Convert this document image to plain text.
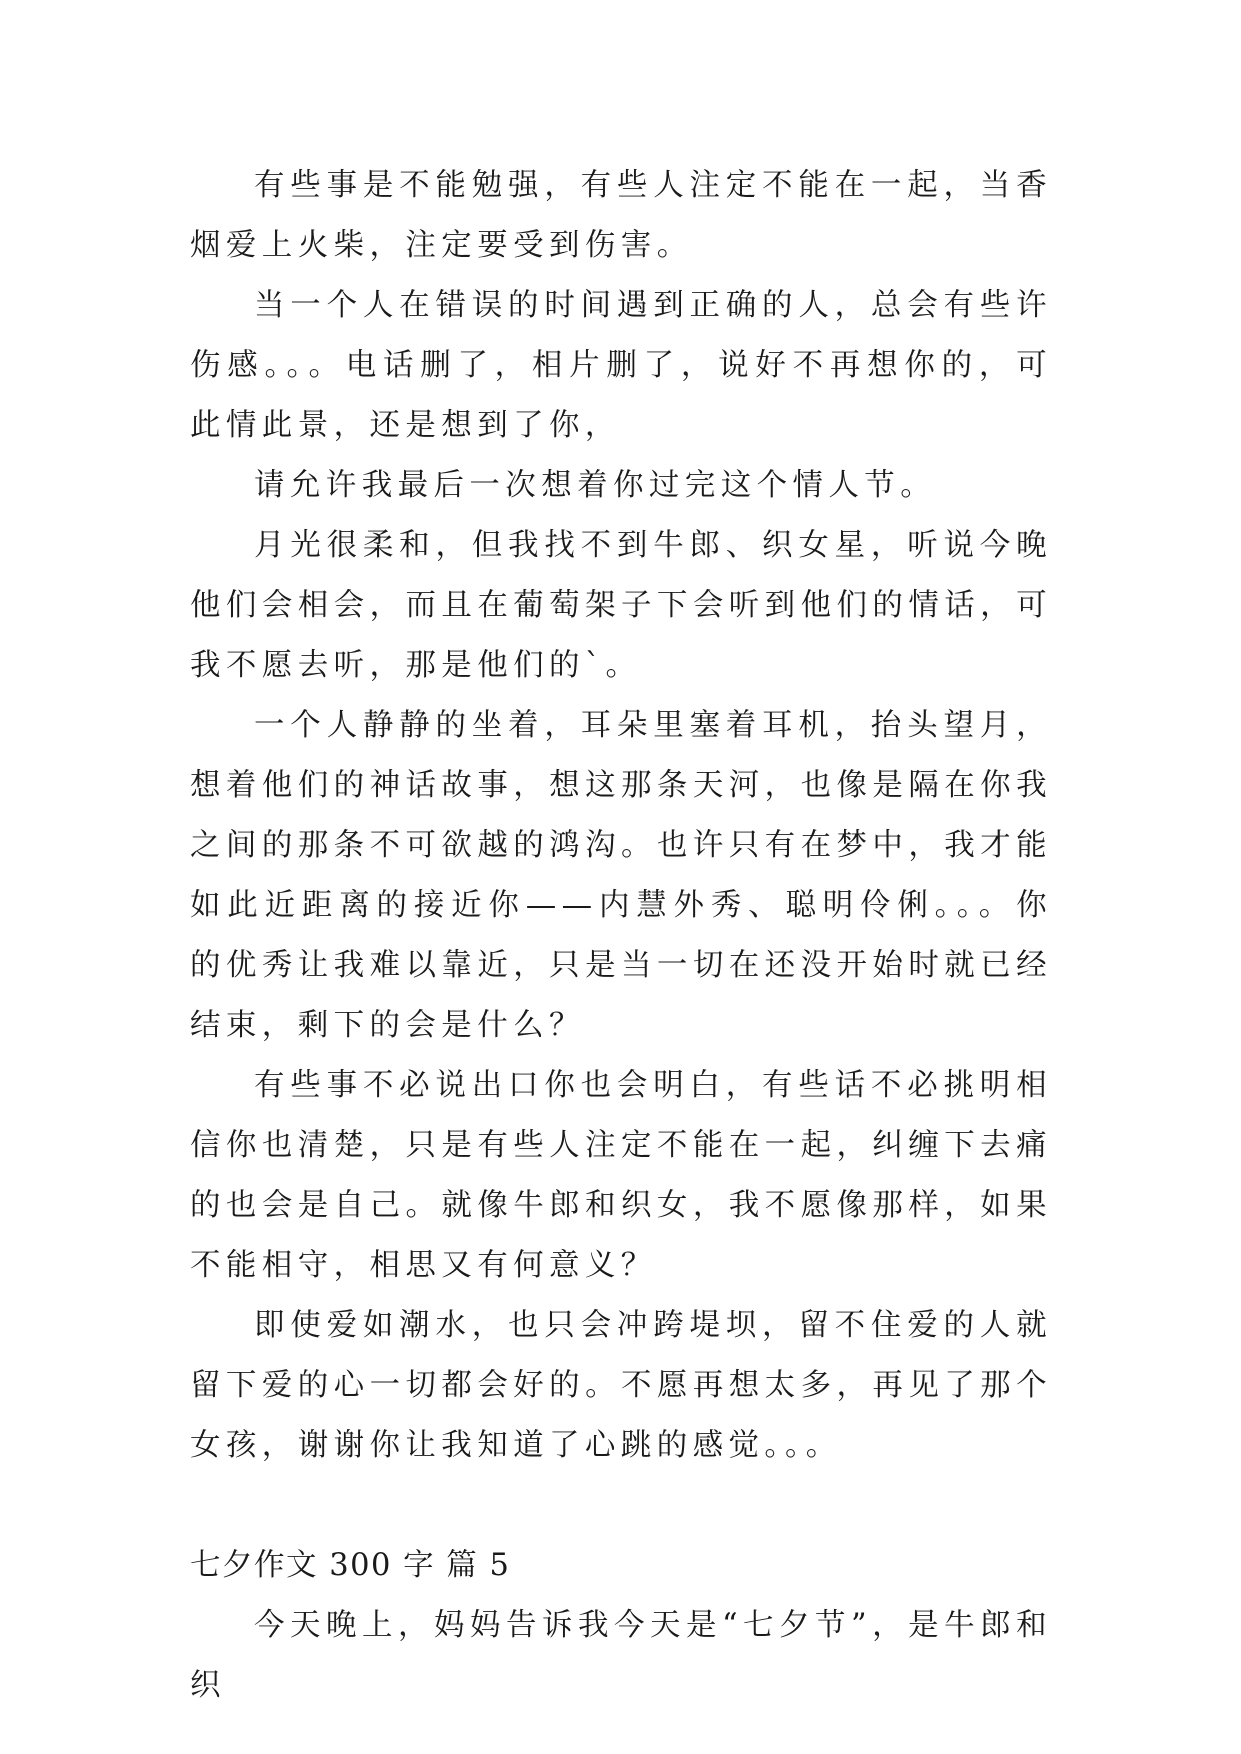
有些事是不能勉强，有些人注定不能在一起，当香烟爱上火柴，注定要受到伤害。

当一个人在错误的时间遇到正确的人，总会有些许伤感。。。电话删了，相片删了，说好不再想你的，可此情此景，还是想到了你，

请允许我最后一次想着你过完这个情人节。

月光很柔和，但我找不到牛郎、织女星，听说今晚他们会相会，而且在葡萄架子下会听到他们的情话，可我不愿去听，那是他们的`。

一个人静静的坐着，耳朵里塞着耳机，抬头望月，想着他们的神话故事，想这那条天河，也像是隔在你我之间的那条不可欲越的鸿沟。也许只有在梦中，我才能如此近距离的接近你——内慧外秀、聪明伶俐。。。你的优秀让我难以靠近，只是当一切在还没开始时就已经结束，剩下的会是什么？

有些事不必说出口你也会明白，有些话不必挑明相信你也清楚，只是有些人注定不能在一起，纠缠下去痛的也会是自己。就像牛郎和织女，我不愿像那样，如果不能相守，相思又有何意义？

即使爱如潮水，也只会冲跨堤坝，留不住爱的人就留下爱的心一切都会好的。不愿再想太多，再见了那个女孩，谢谢你让我知道了心跳的感觉。。。

七夕作文 300 字 篇 5

今天晚上，妈妈告诉我今天是“七夕节”，是牛郎和织
